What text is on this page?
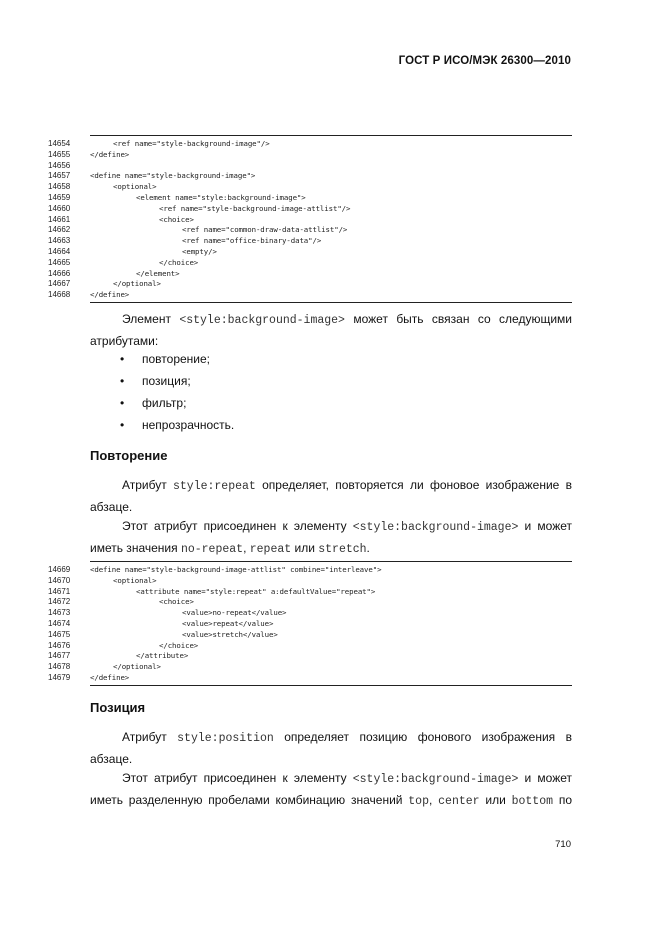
ГОСТ Р ИСО/МЭК 26300—2010
14654	<ref name="style-background-image"/>
14655	</define>
14656
14657	<define name="style-background-image">
14658	<optional>
14659	<element name="style:background-image">
14660	<ref name="style-background-image-attlist"/>
14661	<choice>
14662	<ref name="common-draw-data-attlist"/>
14663	<ref name="office-binary-data"/>
14664	<empty/>
14665	</choice>
14666	</element>
14667	</optional>
14668	</define>
Элемент <style:background-image> может быть связан со следующими
атрибутами:
• повторение;
• позиция;
• фильтр;
• непрозрачность.
Повторение
Атрибут style:repeat определяет, повторяется ли фоновое изображение в
абзаце.
Этот атрибут присоединен к элементу <style:background-image> и может
иметь значения no-repeat, repeat или stretch.
14669	<define name="style-background-image-attlist" combine="interleave">
14670	<optional>
14671	<attribute name="style:repeat" a:defaultValue="repeat">
14672	<choice>
14673	<value>no-repeat</value>
14674	<value>repeat</value>
14675	<value>stretch</value>
14676	</choice>
14677	</attribute>
14678	</optional>
14679	</define>
Позиция
Атрибут style:position определяет позицию фонового изображения в
абзаце.
Этот атрибут присоединен к элементу <style:background-image> и может
иметь разделенную пробелами комбинацию значений top, center или bottom по
710
